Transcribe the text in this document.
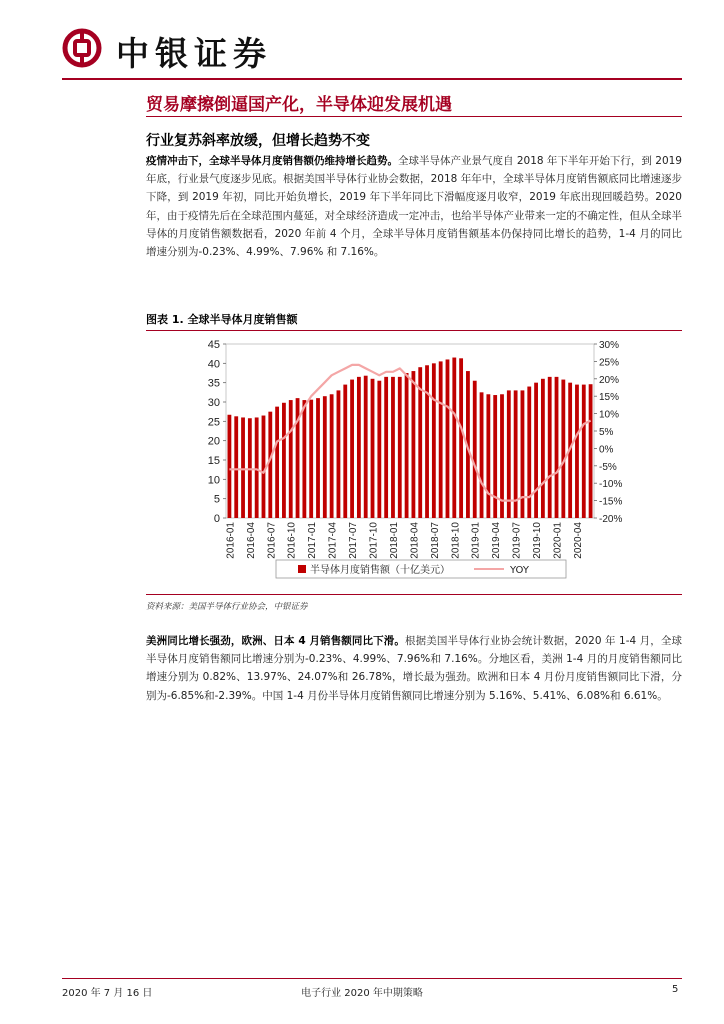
中银证券
贸易摩擦倒逼国产化，半导体迎发展机遇
行业复苏斜率放缓，但增长趋势不变
疫情冲击下，全球半导体月度销售额仍维持增长趋势。全球半导体产业景气度自 2018 年下半年开始下行，到 2019 年底，行业景气度逐步见底。根据美国半导体行业协会数据，2018 年年中，全球半导体月度销售额底同比增速逐步下降，到 2019 年初，同比开始负增长，2019 年下半年同比下滑幅度逐月收窄，2019 年底出现回暖趋势。2020 年，由于疫情先后在全球范围内蔓延，对全球经济造成一定冲击，也给半导体产业带来一定的不确定性，但从全球半导体的月度销售额数据看，2020 年前 4 个月，全球半导体月度销售额基本仍保持同比增长的趋势，1-4 月的同比增速分别为-0.23%、4.99%、7.96% 和 7.16%。
图表 1. 全球半导体月度销售额
0
5
10
15
20
25
30
35
40
45
-20%
-15%
-10%
-5%
0%
5%
10%
15%
20%
25%
30%
2016-01 2016-04 2016-07 2016-10 2017-01 2017-04 2017-07 2017-10 2018-01 2018-04 2018-07 2018-10 2019-01 2019-04 2019-07 2019-10 2020-01 2020-04
半导体月度销售额（十亿美元）	YOY
资料来源：美国半导体行业协会，中银证券
美洲同比增长强劲，欧洲、日本 4 月销售额同比下滑。根据美国半导体行业协会统计数据，2020 年 1-4 月，全球半导体月度销售额同比增速分别为-0.23%、4.99%、7.96%和 7.16%。分地区看，美洲 1-4 月的月度销售额同比增速分别为 0.82%、13.97%、24.07%和 26.78%，增长最为强劲。欧洲和日本 4 月份月度销售额同比下滑，分别为-6.85%和-2.39%。中国 1-4 月份半导体月度销售额同比增速分别为 5.16%、5.41%、6.08%和 6.61%。
2020 年 7 月 16 日	电子行业 2020 年中期策略	5
